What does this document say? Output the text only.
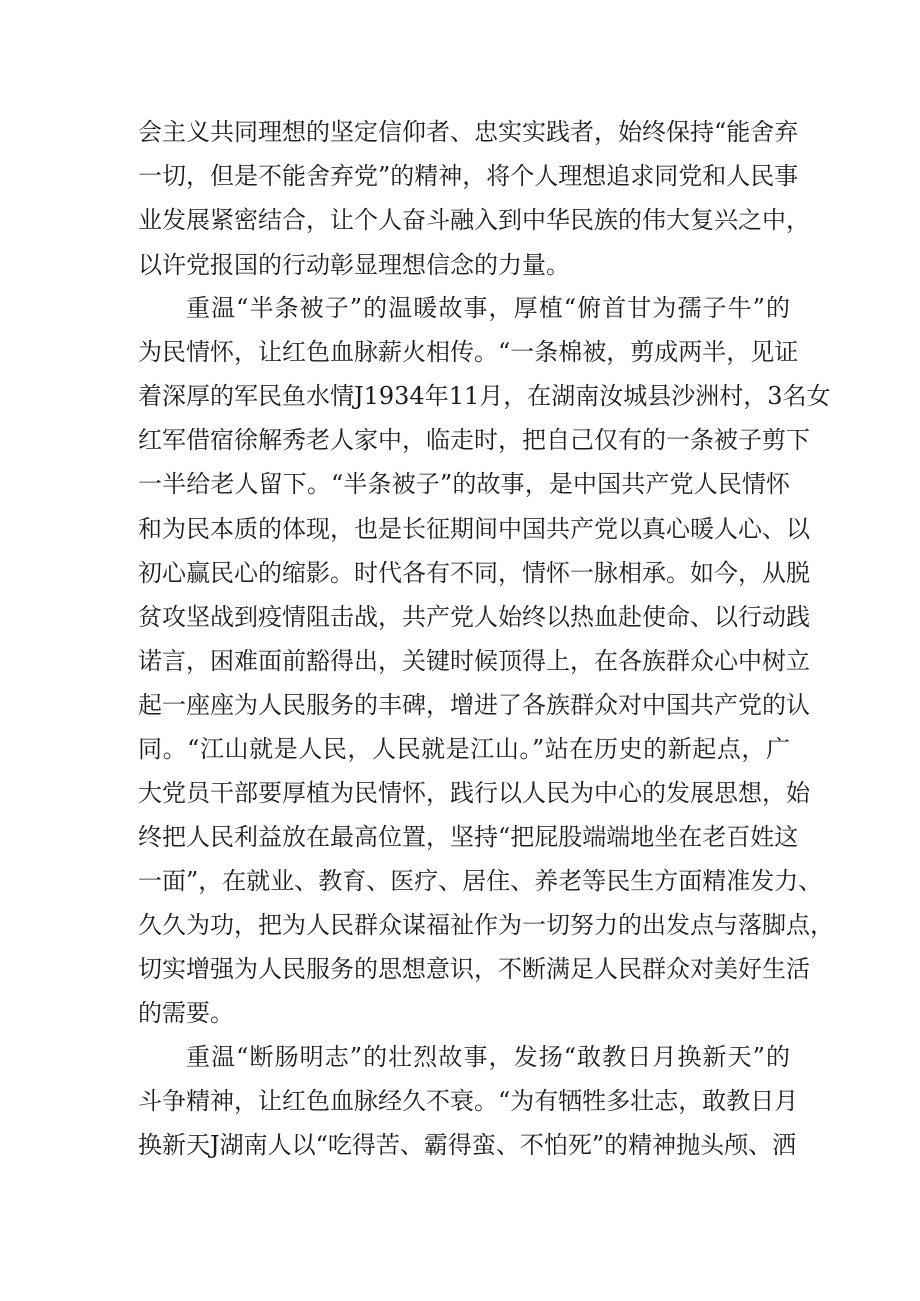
会主义共同理想的坚定信仰者、忠实实践者，始终保持“能舍弃
一切，但是不能舍弃党”的精神，将个人理想追求同党和人民事
业发展紧密结合，让个人奋斗融入到中华民族的伟大复兴之中，
以许党报国的行动彰显理想信念的力量。
重温“半条被子”的温暖故事，厚植“俯首甘为孺子牛”的
为民情怀，让红色血脉薪火相传。“一条棉被，剪成两半，见证
着深厚的军民鱼水情J1934年11月，在湖南汝城县沙洲村，3名女
红军借宿徐解秀老人家中，临走时，把自己仅有的一条被子剪下
一半给老人留下。“半条被子”的故事，是中国共产党人民情怀
和为民本质的体现，也是长征期间中国共产党以真心暖人心、以
初心赢民心的缩影。时代各有不同，情怀一脉相承。如今，从脱
贫攻坚战到疫情阻击战，共产党人始终以热血赴使命、以行动践
诺言，困难面前豁得出，关键时候顶得上，在各族群众心中树立
起一座座为人民服务的丰碑，增进了各族群众对中国共产党的认
同。“江山就是人民，人民就是江山。”站在历史的新起点，广
大党员干部要厚植为民情怀，践行以人民为中心的发展思想，始
终把人民利益放在最高位置，坚持“把屁股端端地坐在老百姓这
一面”，在就业、教育、医疗、居住、养老等民生方面精准发力、
久久为功，把为人民群众谋福祉作为一切努力的出发点与落脚点，
切实增强为人民服务的思想意识，不断满足人民群众对美好生活
的需要。
重温“断肠明志”的壮烈故事，发扬“敢教日月换新天”的
斗争精神，让红色血脉经久不衰。“为有牺牲多壮志，敢教日月
换新天J湖南人以“吃得苦、霸得蛮、不怕死”的精神抛头颅、洒
